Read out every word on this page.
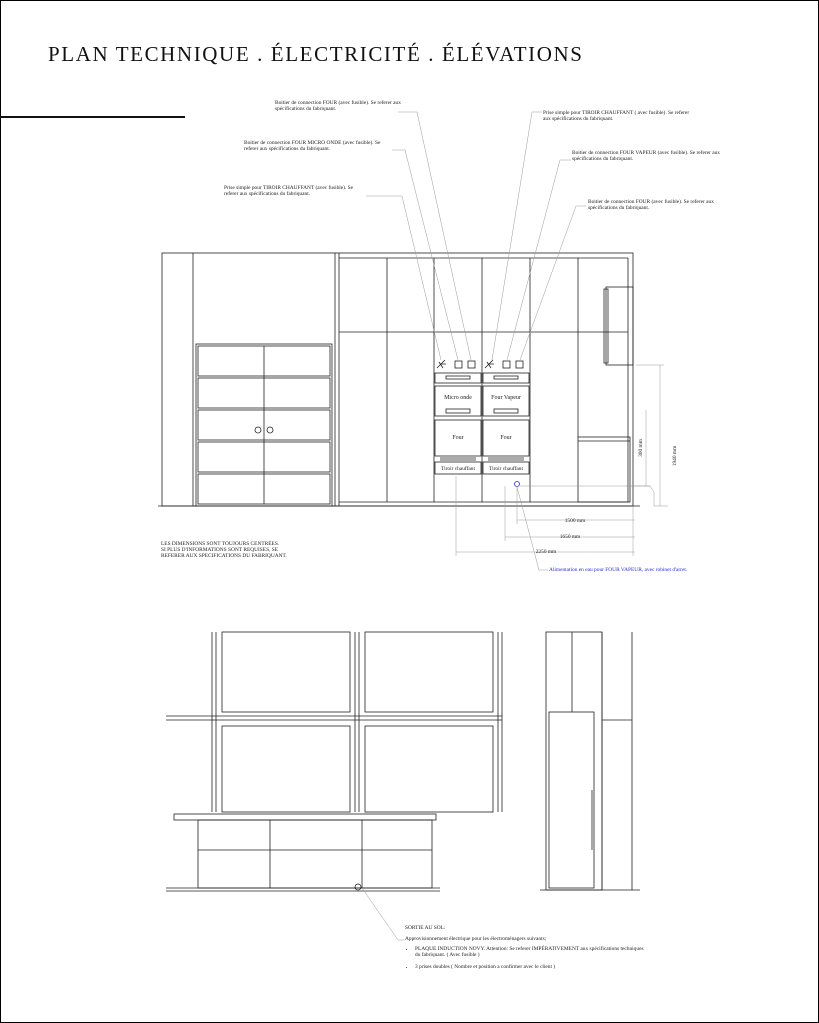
PLAN TECHNIQUE . ÉLECTRICITÉ . ÉLÉVATIONS
Boitier de connection FOUR (avec fusible). Se referer aux spécifications du fabriquant.
Boitier de connection FOUR MICRO ONDE (avec fusible). Se referer aux spécifications du fabriquant.
Prise simple pour TIROIR CHAUFFANT (avec fusible). Se referer aux spécifications du fabriquant.
Prise simple pour TIROIR CHAUFFANT ( avec fusible). Se referer aux spécifications du fabriquant.
Boitier de connection FOUR VAPEUR (avec fusible). Se referer aux spécifications du fabriquant.
Boitier de connection FOUR (avec fusible). Se referer aux spécifications du fabriquant.
Alimentation en eau pour FOUR VAPEUR, avec robinet d'arret.
LES DIMENSIONS SONT TOUJOURS CENTRÉES.
SI PLUS D'INFORMATIONS SONT REQUISES, SE
REFERER AUX SPECIFICATIONS DU FABRIQUANT.
Micro onde	Four Vapeur
Four	Four
Tiroir chauffant	Tiroir chauffant
1500 mm
1650 mm
2250 mm
300 mm	1940 mm
SORTIE AU SOL:
Approvisionnement électrique pour les électroménagers suivants;
• PLAQUE INDUCTION NOVY. Attention: Se referer IMPÉRATIVEMENT aux spécifications techniques du fabriquant. ( Avec fusible )
• 3 prises doubles ( Nombre et position a confirmer avec le client )
